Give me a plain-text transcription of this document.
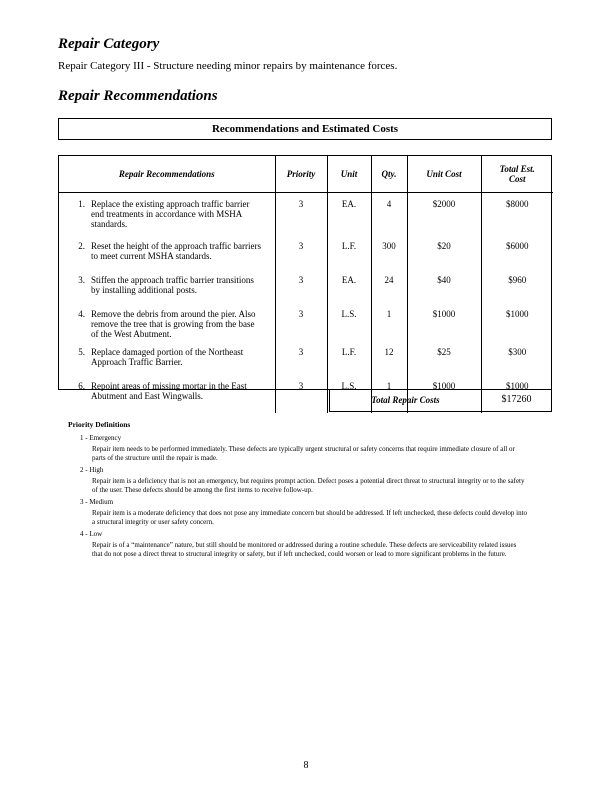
Repair Category
Repair Category III - Structure needing minor repairs by maintenance forces.
Repair Recommendations
Recommendations and Estimated Costs
Repair Recommendations	Priority	Unit	Qty.	Unit Cost	Total Est.
Cost

1. Replace the existing approach traffic barrier end treatments in accordance with MSHA standards.	3	EA.	4	$2000	$8000

2. Reset the height of the approach traffic barriers to meet current MSHA standards.	3	L.F.	300	$20	$6000

3. Stiffen the approach traffic barrier transitions by installing additional posts.	3	EA.	24	$40	$960

4. Remove the debris from around the pier. Also remove the tree that is growing from the base of the West Abutment.	3	L.S.	1	$1000	$1000

5. Replace damaged portion of the Northeast Approach Traffic Barrier.	3	L.F.	12	$25	$300

6. Repoint areas of missing mortar in the East Abutment and East Wingwalls.	3	L.S.	1	$1000	$1000
Total Repair Costs	$17260
Priority Definitions
1 - Emergency
Repair item needs to be performed immediately. These defects are typically urgent structural or safety concerns that require immediate closure of all or parts of the structure until the repair is made.
2 - High
Repair item is a deficiency that is not an emergency, but requires prompt action. Defect poses a potential direct threat to structural integrity or to the safety of the user. These defects should be among the first items to receive follow-up.
3 - Medium
Repair item is a moderate deficiency that does not pose any immediate concern but should be addressed. If left unchecked, these defects could develop into a structural integrity or user safety concern.
4 - Low
Repair is of a “maintenance” nature, but still should be monitored or addressed during a routine schedule. These defects are serviceability related issues that do not pose a direct threat to structural integrity or safety, but if left unchecked, could worsen or lead to more significant problems in the future.
8
